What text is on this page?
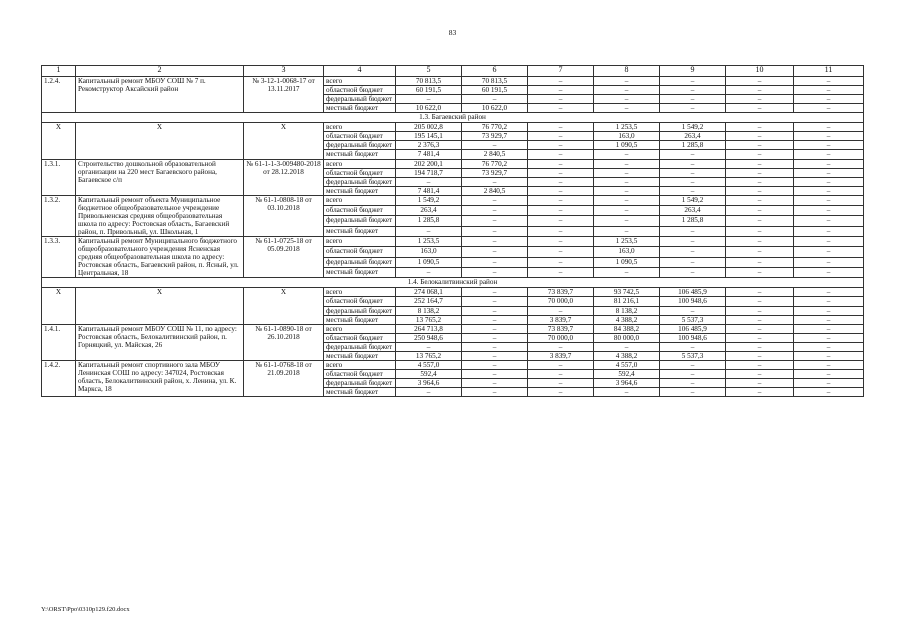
83
1	2	3	4	5	6	7	8	9	10	11
1.2.4.	Капитальный ремонт МБОУ СОШ № 7 п. Рекомструктор Аксайский район	№ 3-12-1-0068-17 от 13.11.2017	всего	70 813,5	70 813,5	–	–	–	–	–
			областной бюджет	60 191,5	60 191,5	–	–	–	–	–
			федеральный бюджет	–	–	–	–	–	–	–
			местный бюджет	10 622,0	10 622,0	–	–	–	–	–
1.3. Багаевский район										
Х	Х	Х	всего	205 002,8	76 770,2	–	1 253,5	1 549,2	–	–
			областной бюджет	195 145,1	73 929,7	–	163,0	263,4	–	–
			федеральный бюджет	2 376,3	–	–	1 090,5	1 285,8	–	–
			местный бюджет	7 481,4	2 840,5	–	–	–	–	–
1.3.1.	Строительство дошкольной образовательной организации на 220 мест Багаевского района, Багаевское с/п	№ 61-1-1-3-009480-2018 от 28.12.2018	всего	202 200,1	76 770,2	–	–	–	–	–
			областной бюджет	194 718,7	73 929,7	–	–	–	–	–
			федеральный бюджет	–	–	–	–	–	–	–
			местный бюджет	7 481,4	2 840,5	–	–	–	–	–
1.3.2.	Капитальный ремонт объекта Муниципальное бюджетное общеобразовательное учреждение Привольненская средняя общеобразовательная школа по адресу: Ростовская область, Багаевский район, п. Привольный, ул. Школьная, 1	№ 61-1-0808-18 от 03.10.2018	всего	1 549,2	–	–	–	1 549,2	–	–
			областной бюджет	263,4	–	–	–	263,4	–	–
			федеральный бюджет	1 285,8	–	–	–	1 285,8	–	–
			местный бюджет	–	–	–	–	–	–	–
1.3.3.	Капитальный ремонт Муниципального бюджетного общеобразовательного учреждения Ясненская средняя общеобразовательная школа по адресу: Ростовская область, Багаевский район, п. Ясный, ул. Центральная, 18	№ 61-1-0725-18 от 05.09.2018	всего	1 253,5	–	–	1 253,5	–	–	–
			областной бюджет	163,0	–	–	163,0	–	–	–
			федеральный бюджет	1 090,5	–	–	1 090,5	–	–	–
			местный бюджет	–	–	–	–	–	–	–
1.4. Белокалитвинский район										
Х	Х	Х	всего	274 068,1	–	73 839,7	93 742,5	106 485,9	–	–
			областной бюджет	252 164,7	–	70 000,0	81 216,1	100 948,6	–	–
			федеральный бюджет	8 138,2	–	–	8 138,2	–	–	–
			местный бюджет	13 765,2	–	3 839,7	4 388,2	5 537,3	–	–
1.4.1.	Капитальный ремонт МБОУ СОШ № 11, по адресу: Ростовская область, Белокалитвинский район, п. Горняцкий, ул. Майская, 26	№ 61-1-0890-18 от 26.10.2018	всего	264 713,8	–	73 839,7	84 388,2	106 485,9	–	–
			областной бюджет	250 948,6	–	70 000,0	80 000,0	100 948,6	–	–
			федеральный бюджет	–	–	–	–	–	–	–
			местный бюджет	13 765,2	–	3 839,7	4 388,2	5 537,3	–	–
1.4.2.	Капитальный ремонт спортивного зала МБОУ Ленинская СОШ по адресу: 347024, Ростовская область, Белокалитвинский район, х. Ленина, ул. К. Маркса, 18	№ 61-1-0768-18 от 21.09.2018	всего	4 557,0	–	–	4 557,0	–	–	–
			областной бюджет	592,4	–	–	592,4	–	–	–
			федеральный бюджет	3 964,6	–	–	3 964,6	–	–	–
			местный бюджет	–	–	–	–	–	–	–
Y:\ORST\Ppo\0310p129.f20.docx
